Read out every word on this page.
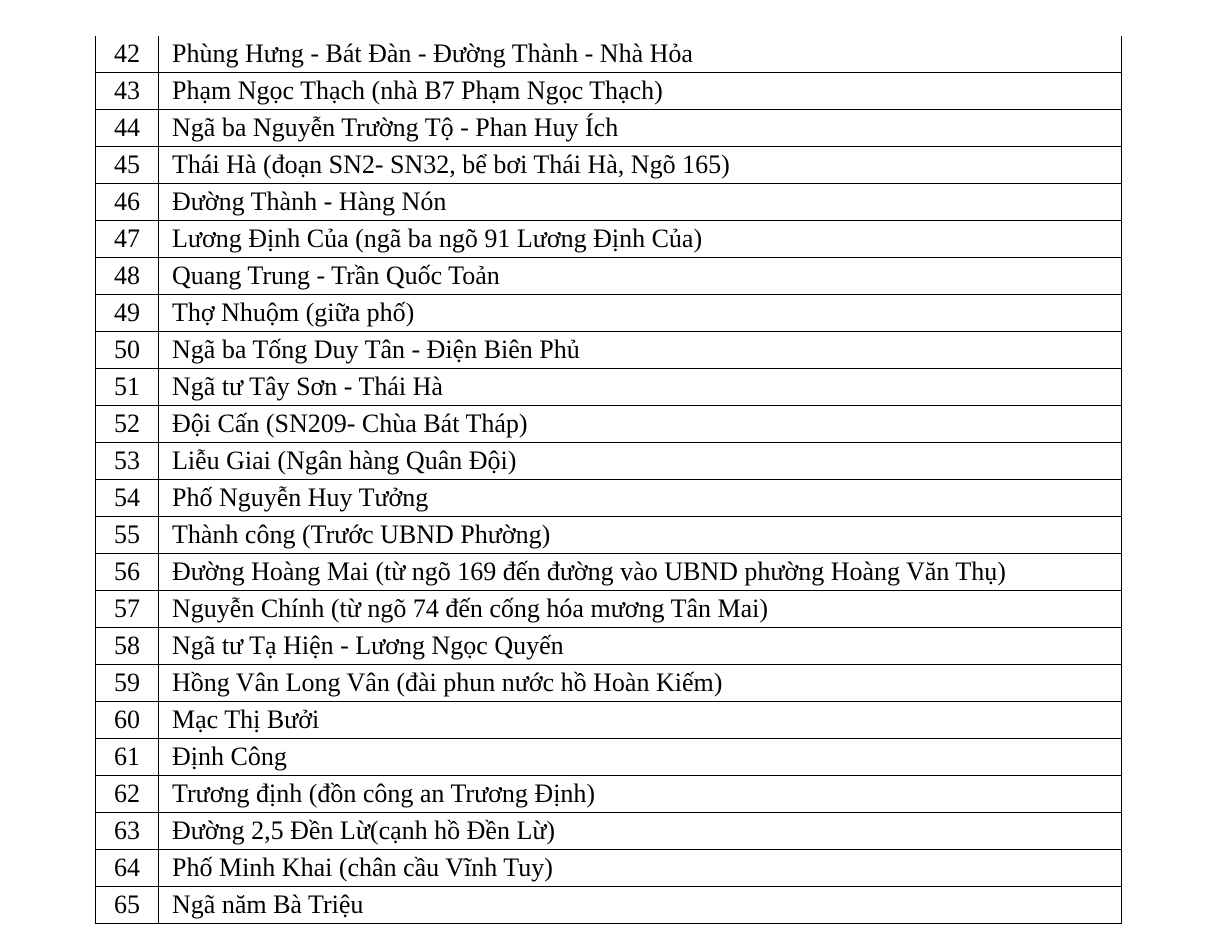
42	Phùng Hưng - Bát Đàn - Đường Thành - Nhà Hỏa
43	Phạm Ngọc Thạch (nhà B7 Phạm Ngọc Thạch)
44	Ngã ba Nguyễn Trường Tộ - Phan Huy Ích
45	Thái Hà (đoạn SN2- SN32, bể bơi Thái Hà, Ngõ 165)
46	Đường Thành - Hàng Nón
47	Lương Định Của (ngã ba ngõ 91 Lương Định Của)
48	Quang Trung - Trần Quốc Toản
49	Thợ Nhuộm (giữa phố)
50	Ngã ba Tống Duy Tân - Điện Biên Phủ
51	Ngã tư Tây Sơn - Thái Hà
52	Đội Cấn (SN209- Chùa Bát Tháp)
53	Liễu Giai (Ngân hàng Quân Đội)
54	Phố Nguyễn Huy Tưởng
55	Thành công (Trước UBND Phường)
56	Đường Hoàng Mai (từ ngõ 169 đến đường vào UBND phường Hoàng Văn Thụ)
57	Nguyễn Chính (từ ngõ 74 đến cống hóa mương Tân Mai)
58	Ngã tư Tạ Hiện - Lương Ngọc Quyến
59	Hồng Vân Long Vân (đài phun nước hồ Hoàn Kiếm)
60	Mạc Thị Bưởi
61	Định Công
62	Trương định (đồn công an Trương Định)
63	Đường 2,5 Đền Lừ(cạnh hồ Đền Lừ)
64	Phố Minh Khai (chân cầu Vĩnh Tuy)
65	Ngã năm Bà Triệu
